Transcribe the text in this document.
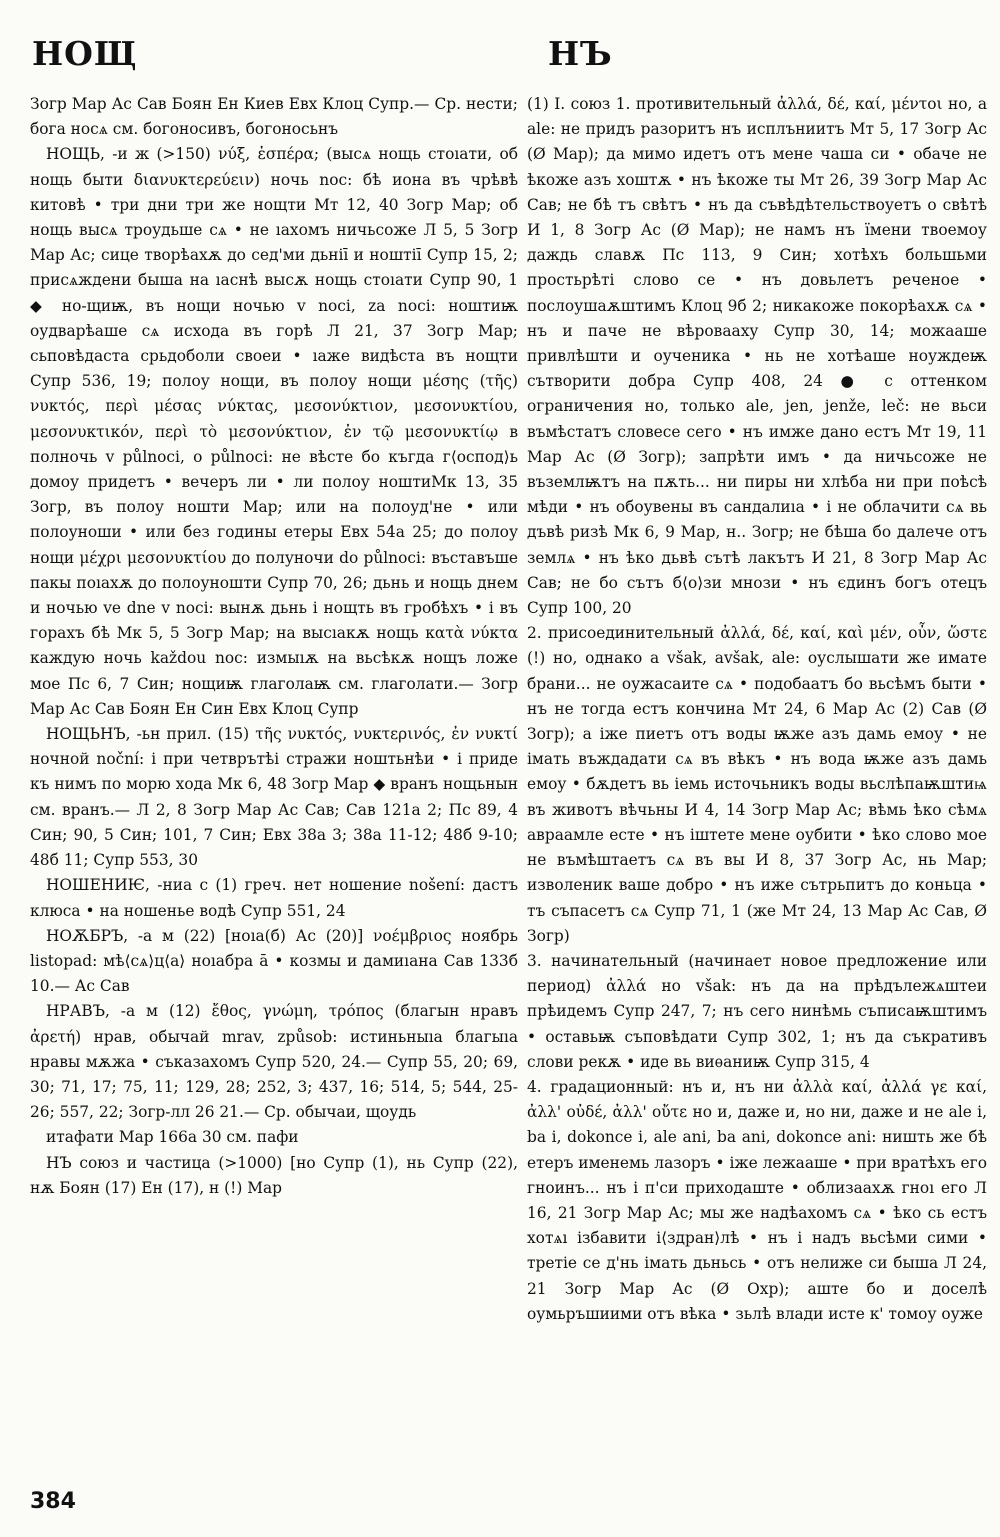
НОЩ	НЪ

Зогр Мар Ас Сав Боян Ен Киев Евх Клоц Супр.— Ср. нести; бога носѧ см. богоносивъ, богоносьнъ

НОЩЬ, -и ж (>150) νύξ, ἑσπέρα; (высѧ нощь стоıати, об нощь быти διανυκτερεύειν) ночь noc: бѣ иона въ чрѣвѣ китовѣ • три дни три же нощти Мт 12, 40 Зогр Мар; об нощь высѧ троудьше сѧ • не ıахомъ ничьсоже Л 5, 5 Зогр Мар Ас; сице творѣахѫ до сед'ми дьнiī и ноштiī Супр 15, 2; присѧждени быша на ıаснѣ высѫ нощь стоıати Супр 90, 1 ◆ но-щиѭ, въ нощи ночью v noci, za noci: ноштиѭ оудварѣаше сѧ исхода въ горѣ Л 21, 37 Зогр Мар; сьповѣдаста срьдобoли своеи • ıаже видѣста въ нощти Супр 536, 19; полоу нощи, въ полоу нощи μέσης (τῆς) νυκτός, περὶ μέσας νύκτας, μεσονύκτιον, μεσονυκτίου, μεσονυκτικόν, περὶ τὸ μεσονύκτιον, ἐν τῷ μεσονυκτίῳ в полночь v půlnoci, o půlnoci: не вѣсте бо къгда г⟨оспод⟩ь домоу придетъ • вечеръ ли • ли полоу ноштиМк 13, 35 Зогр, въ полоу ношти Мар; или на полоуд'не • или полоуноши • или без годины етеры Евх 54а 25; до полоу нощи μέχρι μεσονυκτίου до полуночи do půlnoci: въставъше пакы поıахѫ до полоуношти Супр 70, 26; дьнь и нощь днем и ночью ve dne v noci: вынѫ дьнь і нощть въ гробѣхъ • і въ горахъ бѣ Мк 5, 5 Зогр Мар; на высıакѫ нощь κατὰ νύκτα каждую ночь každou noc: измыıѫ на вьсѣкѫ нощъ ложе мое Пс 6, 7 Син; нощиѭ глаголаѭ см. глаголати.— Зогр Мар Ас Сав Боян Ен Син Евх Клоц Супр

НОЩЬНЪ, -ьн прил. (15) τῆς νυκτός, νυκτερινός, ἐν νυκτί ночной noční: і при четврътѣі стражи ноштьнѣи • і приде къ нимъ по морю хода Мк 6, 48 Зогр Мар ◆ вранъ нощьнын см. вранъ.— Л 2, 8 Зогр Мар Ас Сав; Сав 121а 2; Пс 89, 4 Син; 90, 5 Син; 101, 7 Син; Евх 38а 3; 38а 11-12; 48б 9-10; 48б 11; Супр 553, 30

НОШЕНИѤ, -ниа с (1) греч. нет ношение nošení: дастъ клюса • на ношенье водѣ Супр 551, 24

НОѪБРЪ, -а м (22) [ноıа(б) Ас (20)] νοέμβριος ноябрь listopad: мѣ⟨сѧ⟩ц⟨а⟩ ноıабра ā • козмы и дамиıана Сав 133б 10.— Ас Сав

НРАВЪ, -а м (12) ἔθος, γνώμη, τρόπος (благын нравъ ἀρετή) нрав, обычай mrav, způsob: истиньныıа благыıа нравы мѫжа • съказахомъ Супр 520, 24.— Супр 55, 20; 69, 30; 71, 17; 75, 11; 129, 28; 252, 3; 437, 16; 514, 5; 544, 25-26; 557, 22; Зогр-лл 26 21.— Ср. обычаи, щоудь

итафати Мар 166а 30 см. пафи

НЪ союз и частица (>1000) [но Супр (1), нь Супр (22), нѫ Боян (17) Ен (17), н (!) Мар

(1) I. союз 1. противительный ἀλλά, δέ, καί, μέντοι но, a ale: не придъ разоритъ нъ исплъниитъ Мт 5, 17 Зогр Ас (Ø Мар); да мимо идетъ отъ мене чаша си • обаче не ѣкоже азъ хоштѫ • нъ ѣкоже ты Мт 26, 39 Зогр Мар Ас Сав; не бѣ тъ свѣтъ • нъ да съвѣдѣтельствоуетъ о свѣтѣ И 1, 8 Зогр Ас (Ø Мар); не намъ нъ їмени твоемоу даждь славѫ Пс 113, 9 Син; хотѣхъ большьми простьрѣті слово се • нъ довьлетъ реченое • послоушаѫштимъ Клоц 9б 2; никакоже покорѣахѫ сѧ • нъ и паче не вѣровааху Супр 30, 14; можааше привлѣшти и оученика • нь не хотѣаше ноуждеѭ сътворити добра Супр 408, 24 ● с оттенком ограничения но, только ale, jen, jenže, leč: не вьси въмѣстатъ словесе сего • нъ имже дано естъ Мт 19, 11 Мар Ас (Ø Зогр); запрѣти имъ • да ничьсоже не въземлѭтъ на пѫть... ни пиры ни хлѣба ни при поѣсѣ мѣди • нъ обоувены въ сандалиıа • і не облачити сѧ вь дъвѣ ризѣ Мк 6, 9 Мар, н.. Зогр; не бѣша бо далече отъ землѧ • нъ ѣко дьвѣ сътѣ лакътъ И 21, 8 Зогр Мар Ас Сав; не бо сътъ б⟨о⟩зи мнози • нъ єдинъ богъ отецъ Супр 100, 20

2. присоединительный ἀλλά, δέ, καί, καὶ μέν, οὖν, ὥστε (!) но, однако a však, avšak, ale: оуслышати же имате брани... не оужасаите сѧ • подобаатъ бо вьсѣмъ быти • нъ не тогда естъ кончина Мт 24, 6 Мар Ас (2) Сав (Ø Зогр); а іже пиетъ отъ воды ѭже азъ дамь емоу • не імать въждадати сѧ въ вѣкъ • нъ вода ѭже азъ дамь емоу • бѫдетъ вь іемь источьникъ воды вьслѣпаѭштиѩ въ животъ вѣчьны И 4, 14 Зогр Мар Ас; вѣмь ѣко сѣмѧ авраамле есте • нъ іштете мене оубити • ѣко слово мое не въмѣштаетъ сѧ въ вы И 8, 37 Зогр Ас, нь Мар; изволеник ваше добро • нъ иже сътрьпитъ до коньца • тъ съпасетъ сѧ Супр 71, 1 (же Мт 24, 13 Мар Ас Сав, Ø Зогр)

3. начинательный (начинает новое предложение или период) ἀλλά но však: нъ да на прѣдълежѧштеи прѣидемъ Супр 247, 7; нъ сего нинѣмь съписаѭштимъ • оставьѭ съповѣдати Супр 302, 1; нъ да съкративъ слови рекѫ • иде вь виѳаниѭ Супр 315, 4

4. градационный: нъ и, нъ ни ἀλλὰ καί, ἀλλά γε καί, ἀλλ' οὐδέ, ἀλλ' οὔτε но и, даже и, но ни, даже и не ale i, ba i, dokonce i, ale ani, ba ani, dokonce ani: ништь же бѣ етеръ именемь лазоръ • іже лежааше • при вратѣхъ его гноинъ... нъ і п'си приходаште • облизаахѫ гноı его Л 16, 21 Зогр Мар Ас; мы же надѣахомъ сѧ • ѣко сь естъ хотѧı ізбавити і⟨здран⟩лѣ • нъ і надъ вьсѣми сими • третіе се д'нь імать дьньсь • отъ нелиже си быша Л 24, 21 Зогр Мар Ас (Ø Охр); аште бо и доселѣ оумьръшиими отъ вѣка • зьлѣ влади исте к' томоу оуже

384
